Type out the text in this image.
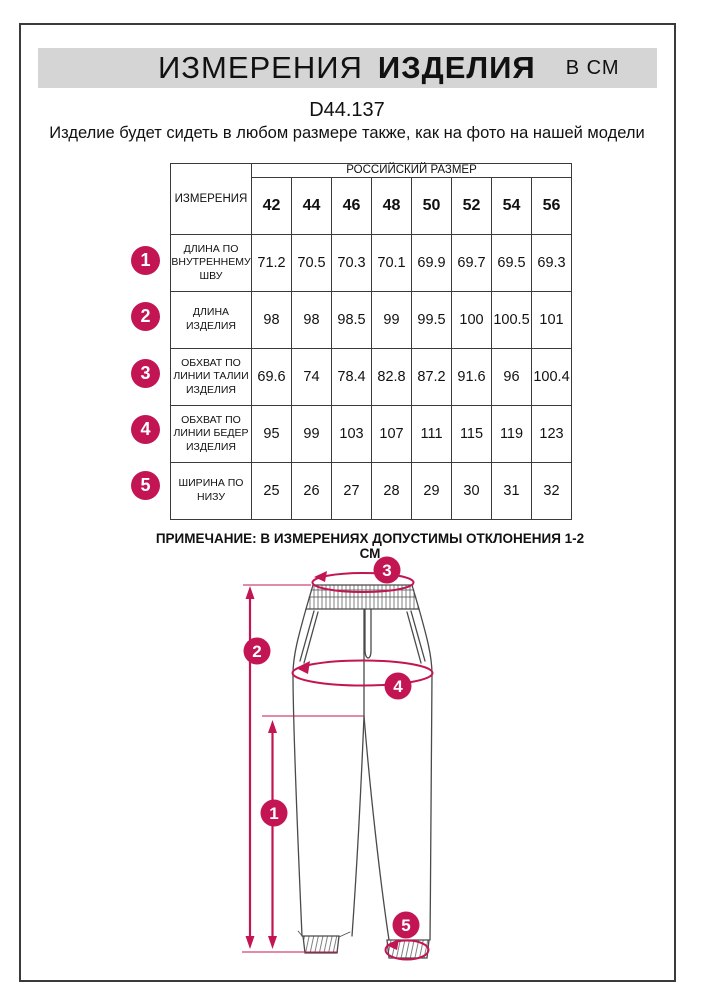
ИЗМЕРЕНИЯ ИЗДЕЛИЯ В СМ
D44.137
Изделие будет сидеть в любом размере также, как на фото на нашей модели
ИЗМЕРЕНИЯ	РОССИЙСКИЙ РАЗМЕР							
	42	44	46	48	50	52	54	56
ДЛИНА ПО ВНУТРЕННЕМУ ШВУ	71.2	70.5	70.3	70.1	69.9	69.7	69.5	69.3
ДЛИНА ИЗДЕЛИЯ	98	98	98.5	99	99.5	100	100.5	101
ОБХВАТ ПО ЛИНИИ ТАЛИИ ИЗДЕЛИЯ	69.6	74	78.4	82.8	87.2	91.6	96	100.4
ОБХВАТ ПО ЛИНИИ БЕДЕР ИЗДЕЛИЯ	95	99	103	107	111	115	119	123
ШИРИНА ПО НИЗУ	25	26	27	28	29	30	31	32
1
2
3
4
5
ПРИМЕЧАНИЕ: В ИЗМЕРЕНИЯХ ДОПУСТИМЫ ОТКЛОНЕНИЯ 1-2 СМ
1
2
3
4
5
